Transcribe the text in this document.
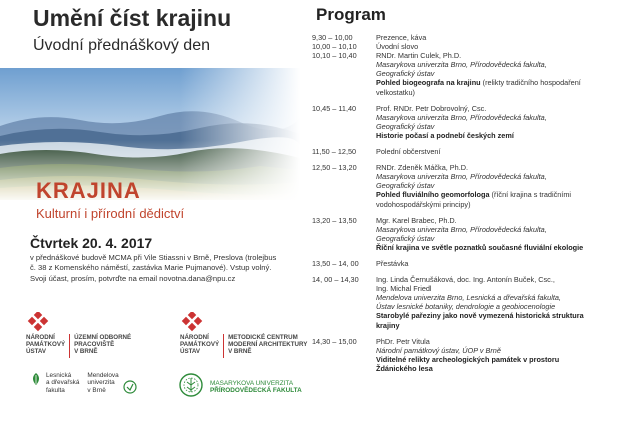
Umění číst krajinu
Úvodní přednáškový den
KRAJINA
Kulturní i přírodní dědictví
Čtvrtek 20. 4. 2017
v přednáškové budově MCMA při Vile Stiassni v Brně, Preslova (trolejbus
č. 38 z Komenského náměstí, zastávka Marie Pujmanové). Vstup volný.
Svoji účast, prosím, potvrďte na email novotna.dana@npu.cz
NÁRODNÍ
PAMÁTKOVÝ
ÚSTAV
ÚZEMNÍ ODBORNÉ
PRACOVIŠTĚ
V BRNĚ
NÁRODNÍ
PAMÁTKOVÝ
ÚSTAV
METODICKÉ CENTRUM
MODERNÍ ARCHITEKTURY
V BRNĚ
Lesnická
a dřevařská
fakulta
Mendelova
univerzita
v Brně
MASARYKOVA UNIVERZITA
PŘÍRODOVĚDECKÁ FAKULTA
Program
9,30 – 10,00	Prezence, káva
10,00 – 10,10	Úvodní slovo
10,10 – 10,40	RNDr. Martin Culek, Ph.D.
Masarykova univerzita Brno, Přírodovědecká fakulta,
Geografický ústav
Pohled biogeografa na krajinu (relikty tradičního hospodaření
velkostatku)
10,45 – 11,40	Prof. RNDr. Petr Dobrovolný, Csc.
Masarykova univerzita Brno, Přírodovědecká fakulta,
Geografický ústav
Historie počasí a podnebí českých zemí
11,50 – 12,50	Polední občerstvení
12,50 – 13,20	RNDr. Zdeněk Máčka, Ph.D.
Masarykova univerzita Brno, Přírodovědecká fakulta,
Geografický ústav
Pohled fluviálního geomorfologa (říční krajina s tradičními
vodohospodářskými principy)
13,20 – 13,50	Mgr. Karel Brabec, Ph.D.
Masarykova univerzita Brno, Přírodovědecká fakulta,
Geografický ústav
Říční krajina ve světle poznatků současné fluviální ekologie
13,50 – 14, 00	Přestávka
14, 00 – 14,30	Ing. Linda Černušáková, doc. Ing. Antonín Buček, Csc.,
Ing. Michal Friedl
Mendelova univerzita Brno, Lesnická a dřevařská fakulta,
Ústav lesnické botaniky, dendrologie a geobiocenologie
Starobylé pařeziny jako nově vymezená historická struktura
krajiny
14,30 – 15,00	PhDr. Petr Vitula
Národní památkový ústav, ÚOP v Brně
Viditelné relikty archeologických památek v prostoru
Ždánického lesa
